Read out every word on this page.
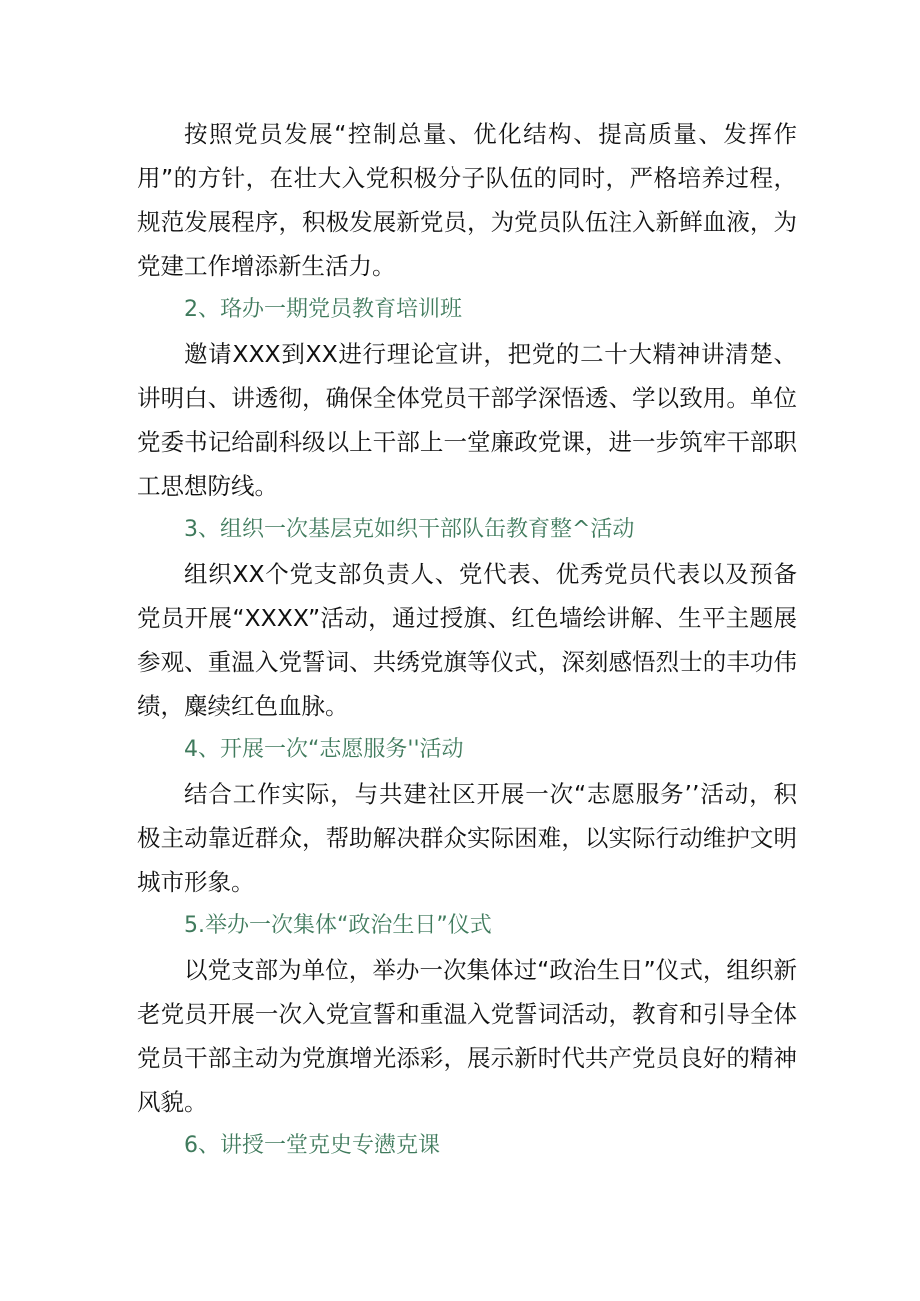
按照党员发展“控制总量、优化结构、提高质量、发挥作用”的方针，在壮大入党积极分子队伍的同时，严格培养过程，规范发展程序，积极发展新党员，为党员队伍注入新鲜血液，为党建工作增添新生活力。

2、珞办一期党员教育培训班

邀请XXX到XX进行理论宣讲，把党的二十大精神讲清楚、讲明白、讲透彻，确保全体党员干部学深悟透、学以致用。单位党委书记给副科级以上干部上一堂廉政党课，进一步筑牢干部职工思想防线。

3、组织一次基层克如织干部队缶教育整^活动

组织XX个党支部负责人、党代表、优秀党员代表以及预备党员开展“XXXX”活动，通过授旗、红色墙绘讲解、生平主题展参观、重温入党誓词、共绣党旗等仪式，深刻感悟烈士的丰功伟绩，麋续红色血脉。

4、开展一次“志愿服务''活动

结合工作实际，与共建社区开展一次“志愿服务’’活动，积极主动靠近群众，帮助解决群众实际困难，以实际行动维护文明城市形象。

5.举办一次集体“政治生日”仪式

以党支部为单位，举办一次集体过“政治生日”仪式，组织新老党员开展一次入党宣誓和重温入党誓词活动，教育和引导全体党员干部主动为党旗增光添彩，展示新时代共产党员良好的精神风貌。

6、讲授一堂克史专懑克课
